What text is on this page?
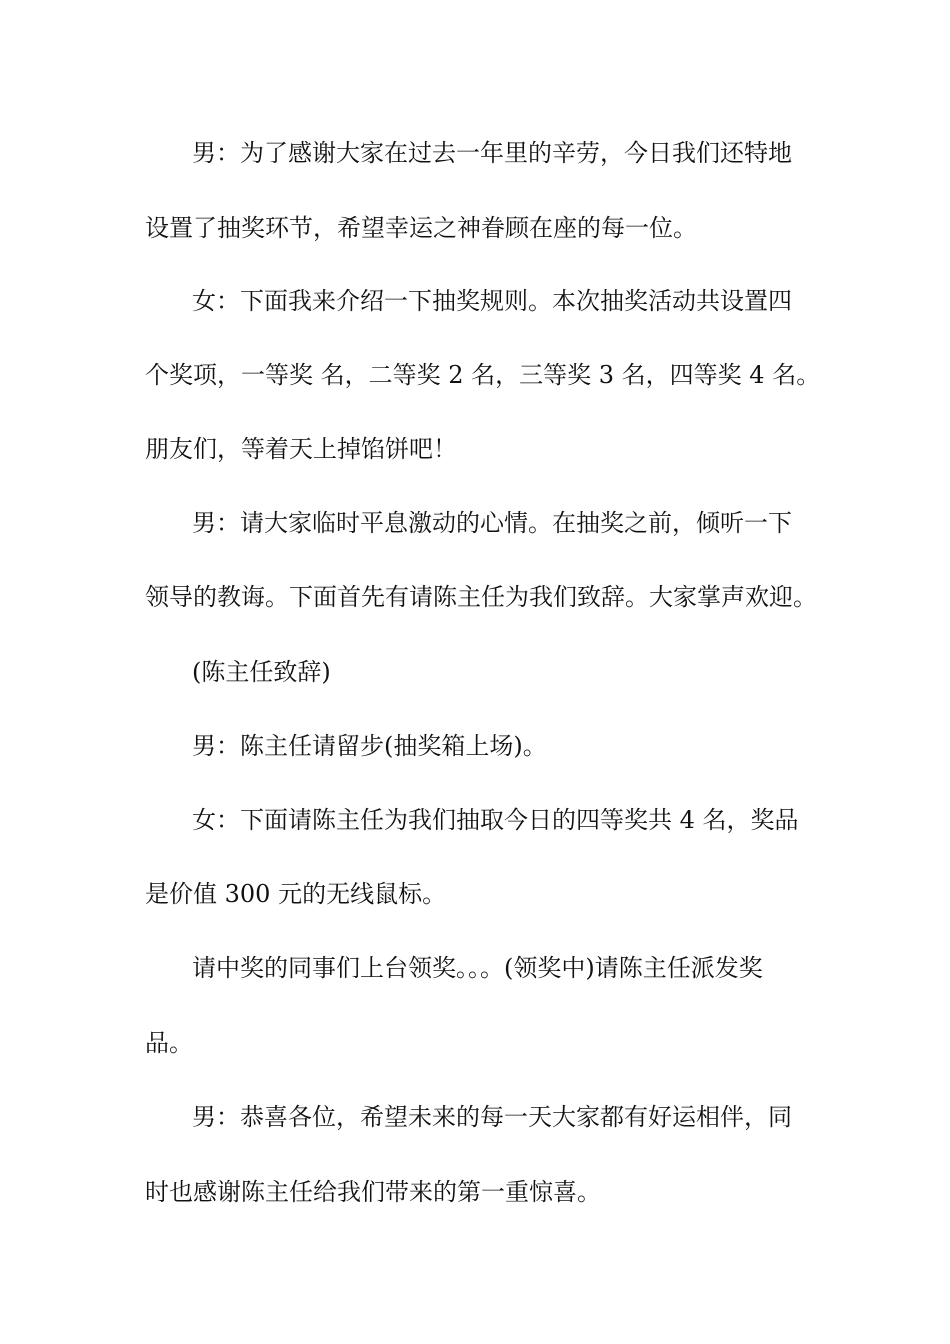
男：为了感谢大家在过去一年里的辛劳，今日我们还特地
设置了抽奖环节，希望幸运之神眷顾在座的每一位。
女：下面我来介绍一下抽奖规则。本次抽奖活动共设置四
个奖项，一等奖 名，二等奖 2 名，三等奖 3 名，四等奖 4 名。
朋友们，等着天上掉馅饼吧！
男：请大家临时平息激动的心情。在抽奖之前，倾听一下
领导的教诲。下面首先有请陈主任为我们致辞。大家掌声欢迎。
(陈主任致辞)
男：陈主任请留步(抽奖箱上场)。
女：下面请陈主任为我们抽取今日的四等奖共 4 名，奖品
是价值 300 元的无线鼠标。
请中奖的同事们上台领奖。。。(领奖中)请陈主任派发奖
品。
男：恭喜各位，希望未来的每一天大家都有好运相伴，同
时也感谢陈主任给我们带来的第一重惊喜。
